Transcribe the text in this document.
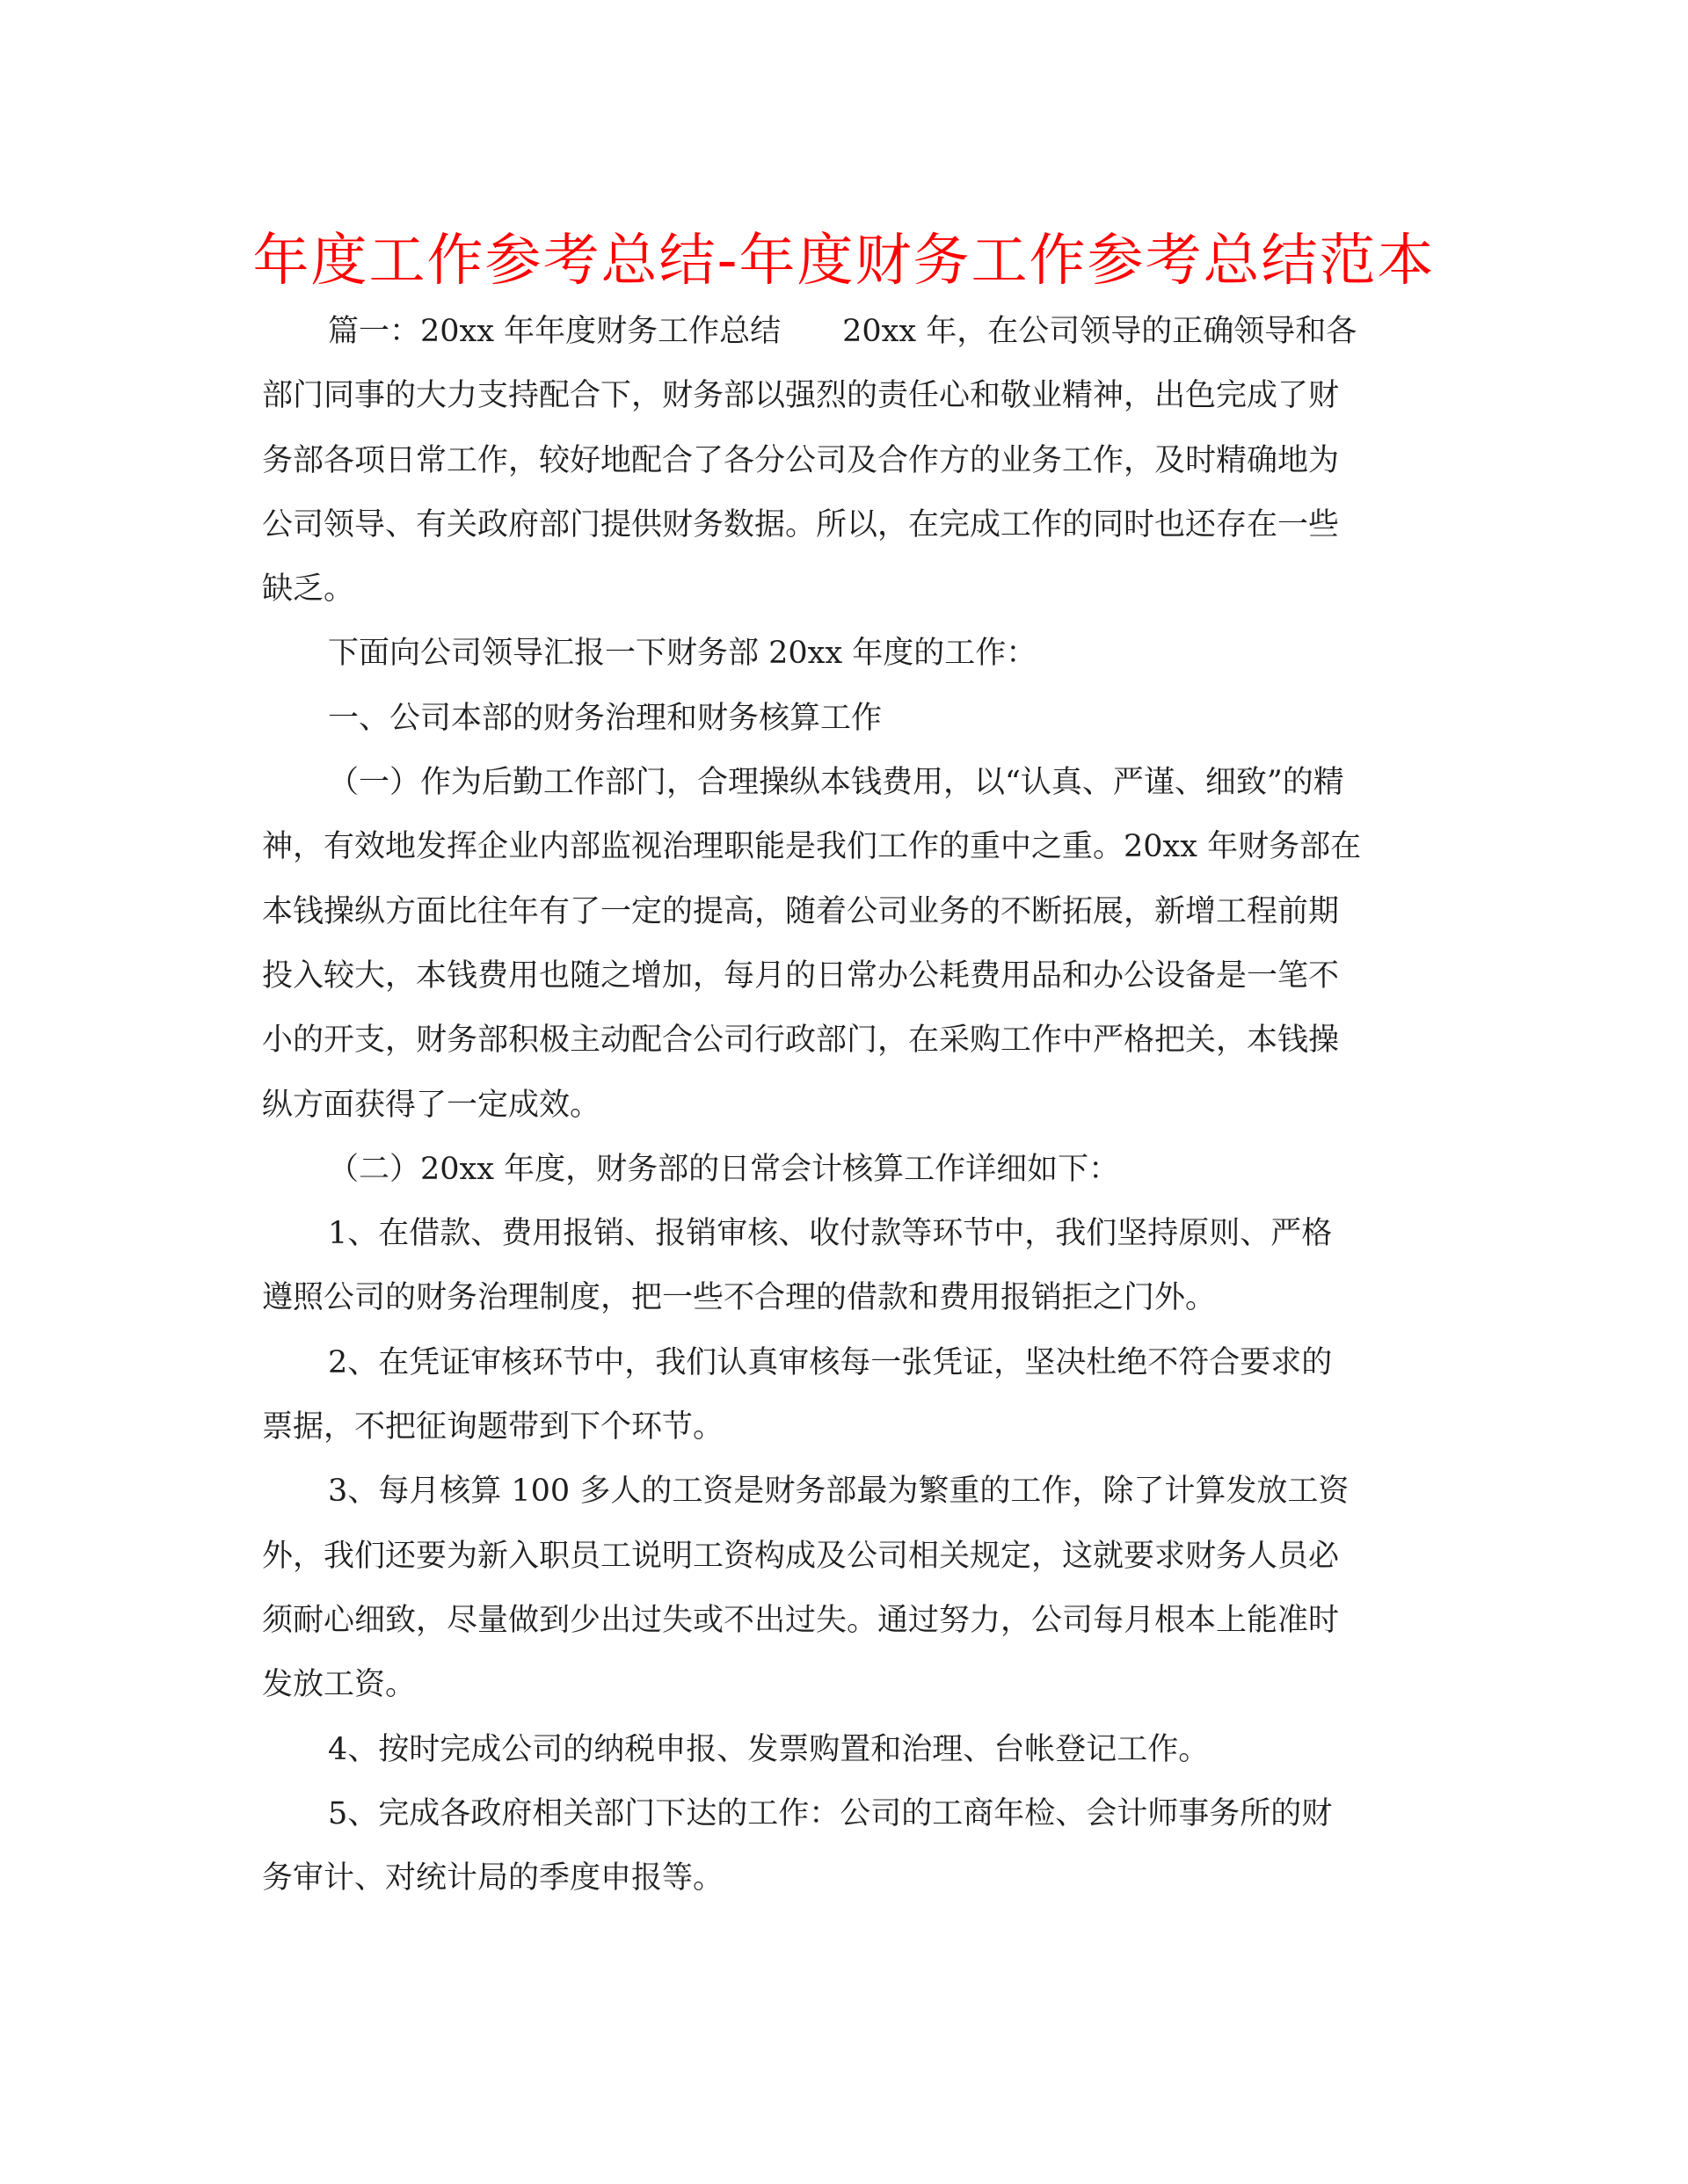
年度工作参考总结-年度财务工作参考总结范本
篇一：20xx 年年度财务工作总结　　20xx 年，在公司领导的正确领导和各
部门同事的大力支持配合下，财务部以强烈的责任心和敬业精神，出色完成了财
务部各项日常工作，较好地配合了各分公司及合作方的业务工作，及时精确地为
公司领导、有关政府部门提供财务数据。所以，在完成工作的同时也还存在一些
缺乏。
下面向公司领导汇报一下财务部 20xx 年度的工作：
一、公司本部的财务治理和财务核算工作
（一）作为后勤工作部门，合理操纵本钱费用，以“认真、严谨、细致”的精
神，有效地发挥企业内部监视治理职能是我们工作的重中之重。20xx 年财务部在
本钱操纵方面比往年有了一定的提高，随着公司业务的不断拓展，新增工程前期
投入较大，本钱费用也随之增加，每月的日常办公耗费用品和办公设备是一笔不
小的开支，财务部积极主动配合公司行政部门，在采购工作中严格把关，本钱操
纵方面获得了一定成效。
（二）20xx 年度，财务部的日常会计核算工作详细如下：
1、在借款、费用报销、报销审核、收付款等环节中，我们坚持原则、严格
遵照公司的财务治理制度，把一些不合理的借款和费用报销拒之门外。
2、在凭证审核环节中，我们认真审核每一张凭证，坚决杜绝不符合要求的
票据，不把征询题带到下个环节。
3、每月核算 100 多人的工资是财务部最为繁重的工作，除了计算发放工资
外，我们还要为新入职员工说明工资构成及公司相关规定，这就要求财务人员必
须耐心细致，尽量做到少出过失或不出过失。通过努力，公司每月根本上能准时
发放工资。
4、按时完成公司的纳税申报、发票购置和治理、台帐登记工作。
5、完成各政府相关部门下达的工作：公司的工商年检、会计师事务所的财
务审计、对统计局的季度申报等。
